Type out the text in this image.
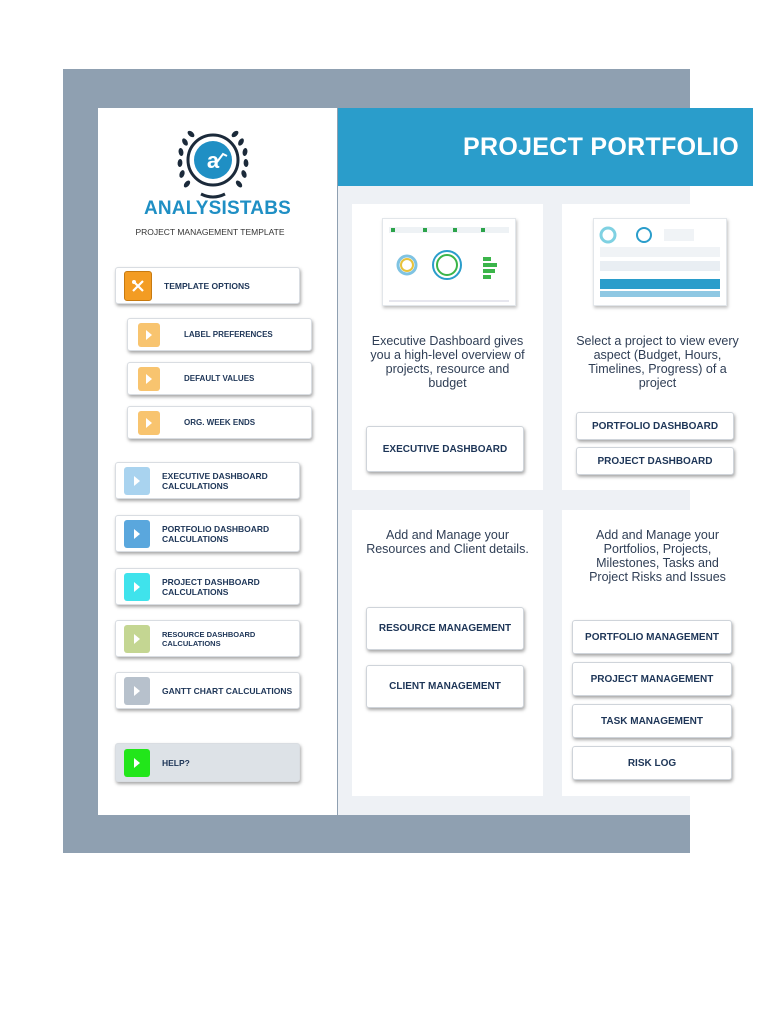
a
ANALYSISTABS
PROJECT MANAGEMENT TEMPLATE
TEMPLATE OPTIONS
LABEL PREFERENCES
DEFAULT VALUES
ORG. WEEK ENDS
EXECUTIVE DASHBOARD
CALCULATIONS
PORTFOLIO DASHBOARD
CALCULATIONS
PROJECT DASHBOARD
CALCULATIONS
RESOURCE DASHBOARD
CALCULATIONS
GANTT CHART CALCULATIONS
HELP?
Executive Dashboard gives you a high-level overview of projects, resource and budget
EXECUTIVE DASHBOARD
Select a project to view every aspect (Budget, Hours, Timelines, Progress) of a project
PORTFOLIO DASHBOARD
PROJECT DASHBOARD
Add and Manage your Resources and Client details.
RESOURCE MANAGEMENT
CLIENT MANAGEMENT
Add and Manage your Portfolios, Projects, Milestones, Tasks and Project Risks and Issues
PORTFOLIO MANAGEMENT
PROJECT MANAGEMENT
TASK MANAGEMENT
RISK LOG
PROJECT PORTFOLIO
